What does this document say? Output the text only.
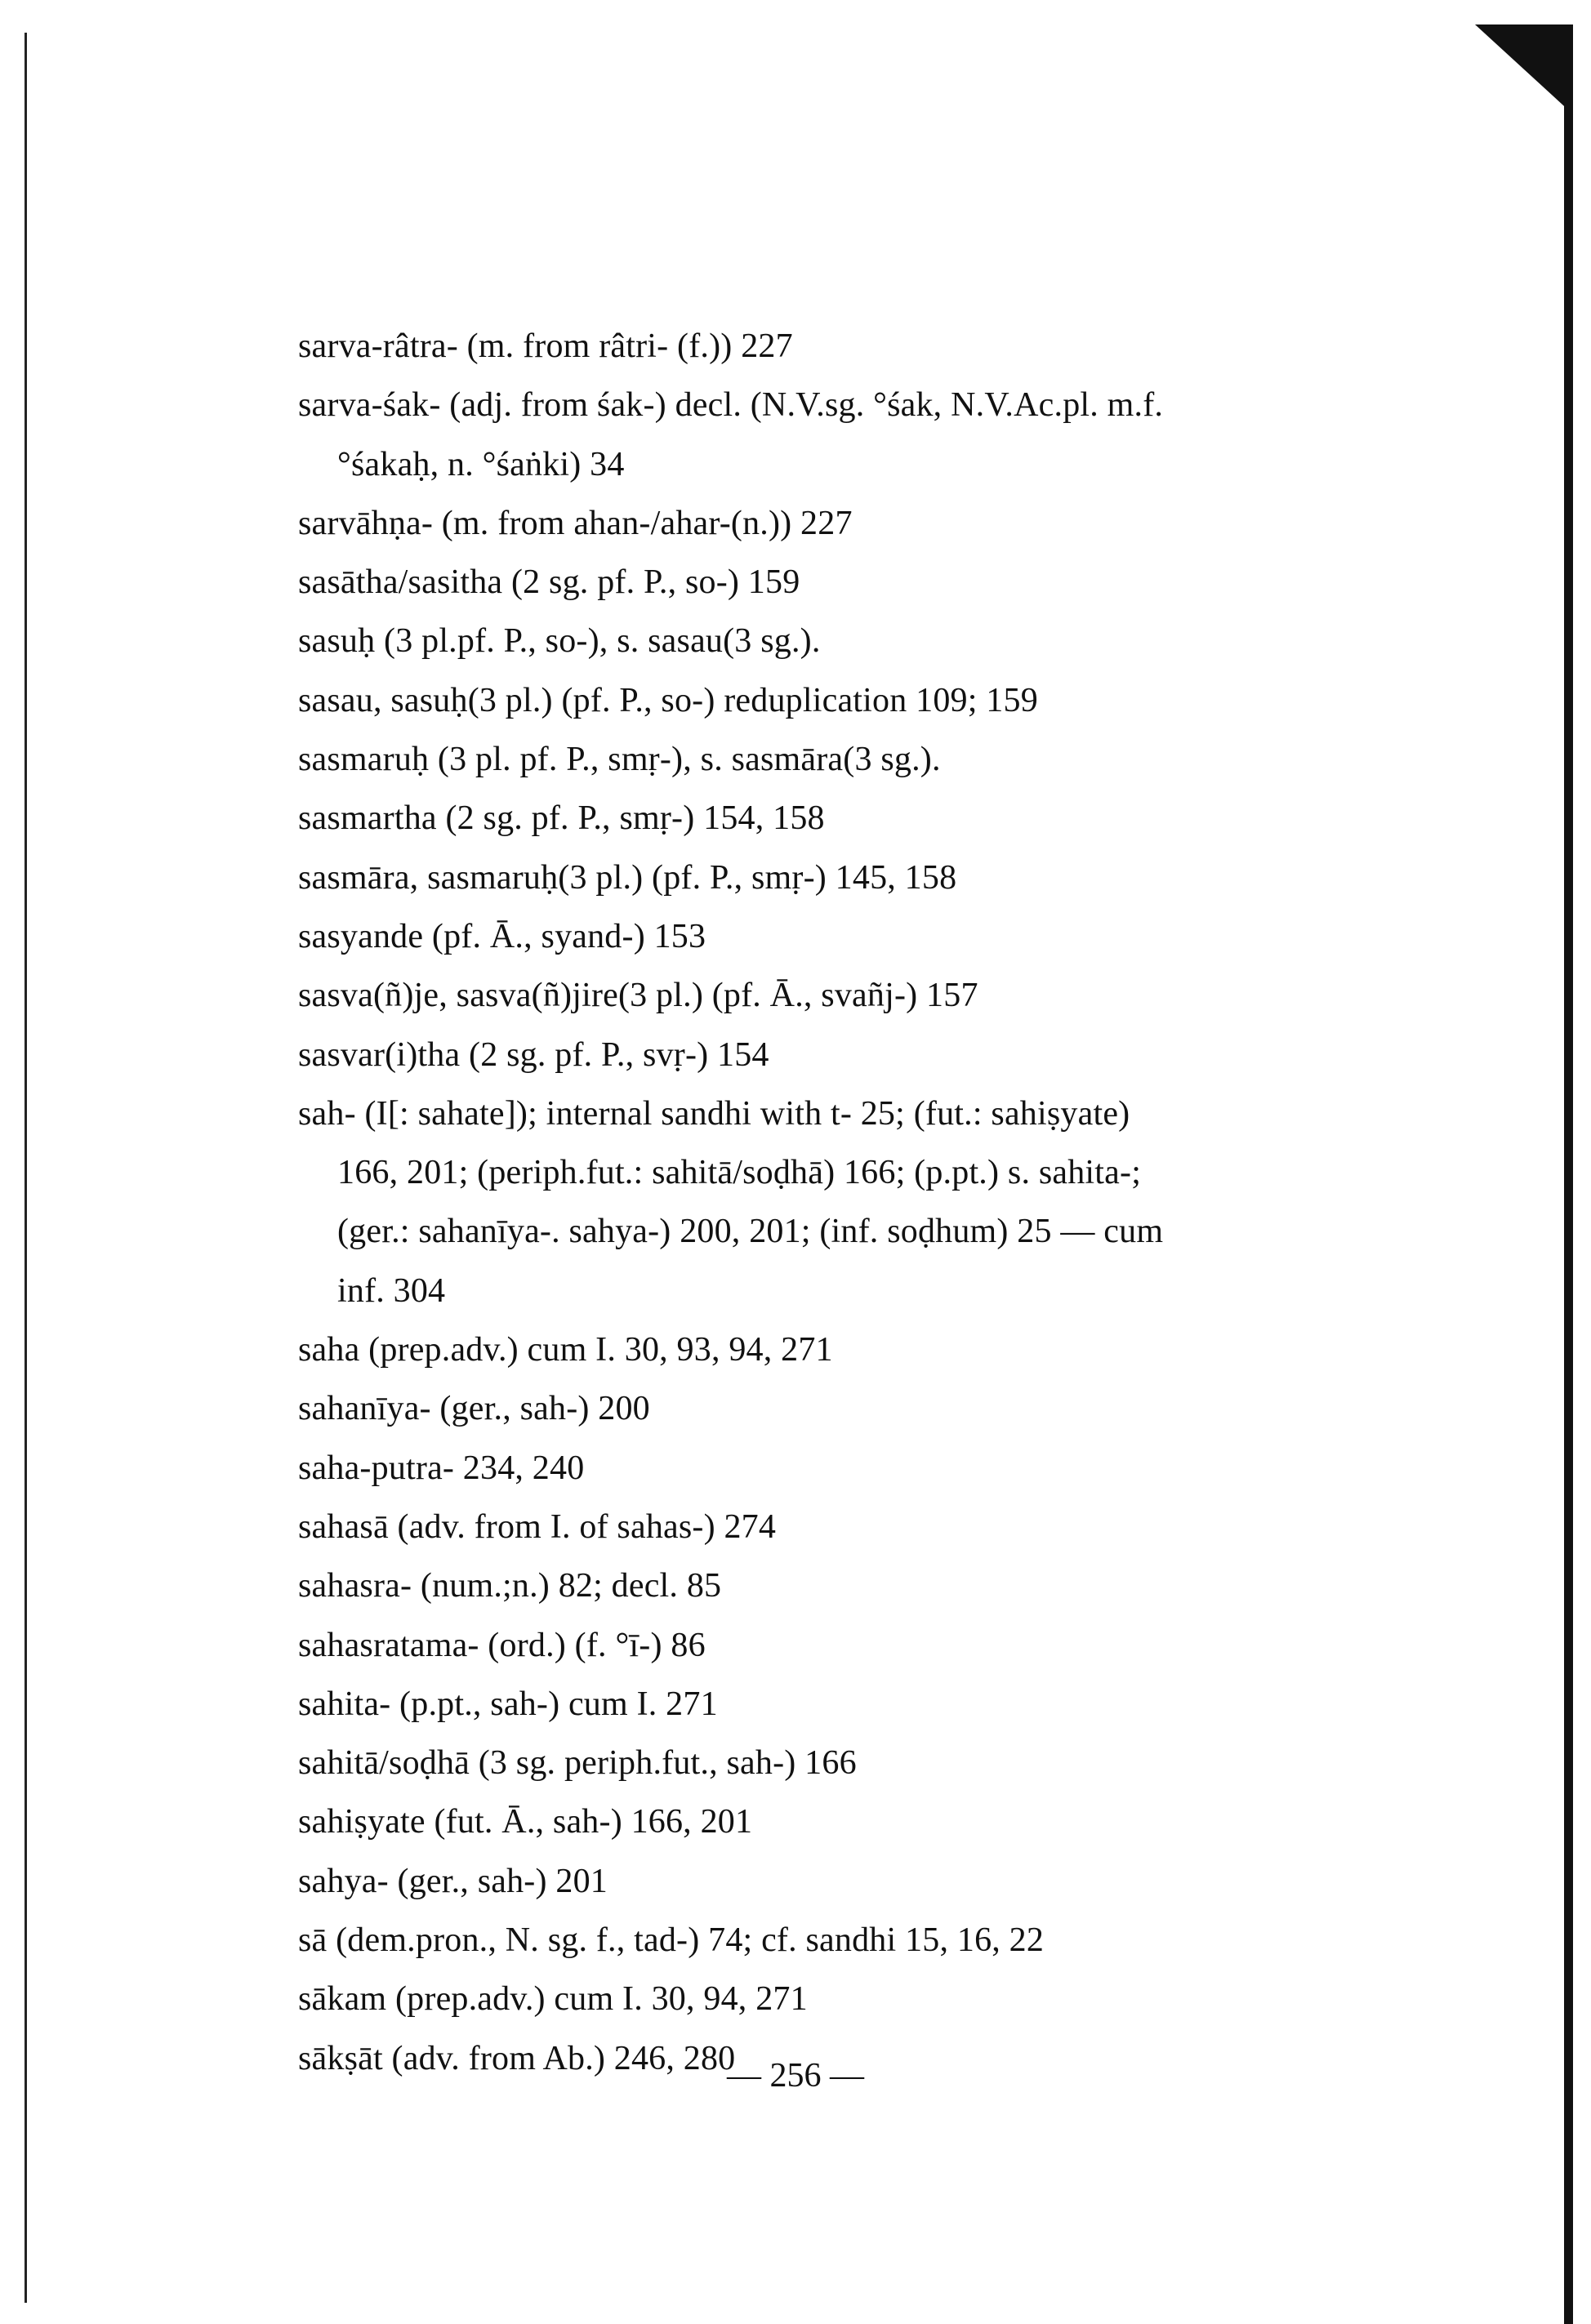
sarva-râtra- (m. from râtri- (f.)) 227
sarva-śak- (adj. from śak-) decl. (N.V.sg. °śak, N.V.Ac.pl. m.f.
°śakaḥ, n. °śaṅki) 34
sarvāhṇa- (m. from ahan-/ahar-(n.)) 227
sasātha/sasitha (2 sg. pf. P., so-) 159
sasuḥ (3 pl.pf. P., so-), s. sasau(3 sg.).
sasau, sasuḥ(3 pl.) (pf. P., so-) reduplication 109; 159
sasmaruḥ (3 pl. pf. P., smṛ-), s. sasmāra(3 sg.).
sasmartha (2 sg. pf. P., smṛ-) 154, 158
sasmāra, sasmaruḥ(3 pl.) (pf. P., smṛ-) 145, 158
sasyande (pf. Ā., syand-) 153
sasva(ñ)je, sasva(ñ)jire(3 pl.) (pf. Ā., svañj-) 157
sasvar(i)tha (2 sg. pf. P., svṛ-) 154
sah- (I[: sahate]); internal sandhi with t- 25; (fut.: sahiṣyate)
166, 201; (periph.fut.: sahitā/soḍhā) 166; (p.pt.) s. sahita-;
(ger.: sahanīya-. sahya-) 200, 201; (inf. soḍhum) 25 — cum
inf. 304
saha (prep.adv.) cum I. 30, 93, 94, 271
sahanīya- (ger., sah-) 200
saha-putra- 234, 240
sahasā (adv. from I. of sahas-) 274
sahasra- (num.;n.) 82; decl. 85
sahasratama- (ord.) (f. °ī-) 86
sahita- (p.pt., sah-) cum I. 271
sahitā/soḍhā (3 sg. periph.fut., sah-) 166
sahiṣyate (fut. Ā., sah-) 166, 201
sahya- (ger., sah-) 201
sā (dem.pron., N. sg. f., tad-) 74; cf. sandhi 15, 16, 22
sākam (prep.adv.) cum I. 30, 94, 271
sākṣāt (adv. from Ab.) 246, 280
— 256 —
